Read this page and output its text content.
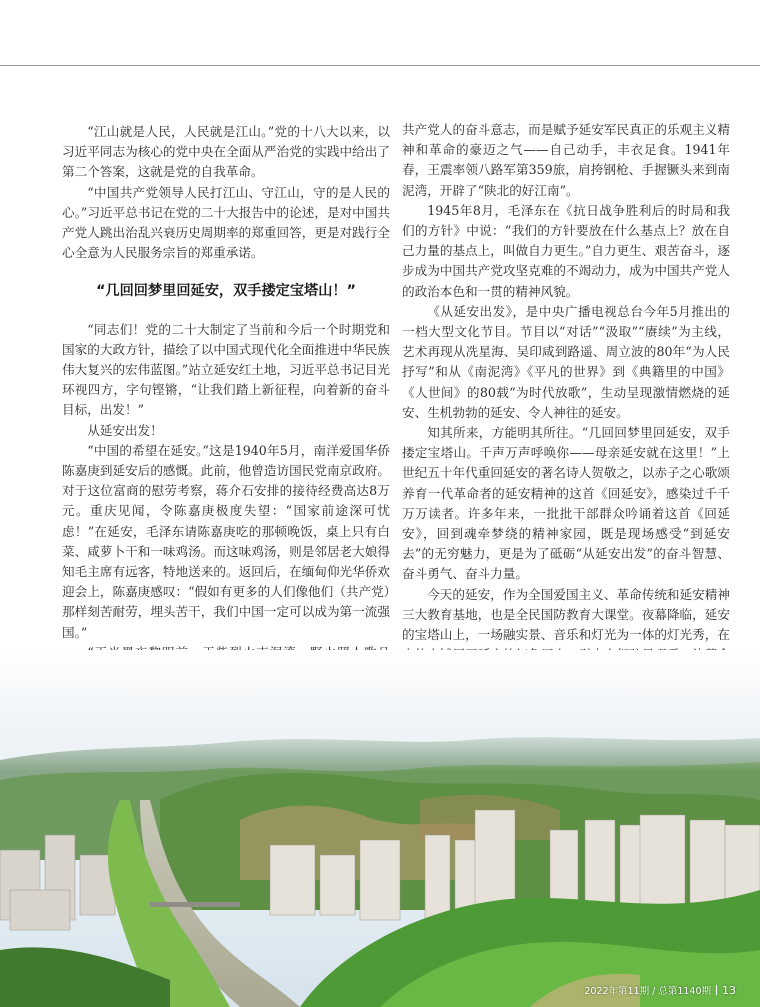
“江山就是人民，人民就是江山。”党的十八大以来，以习近平同志为核心的党中央在全面从严治党的实践中给出了第二个答案，这就是党的自我革命。

“中国共产党领导人民打江山、守江山，守的是人民的心。”习近平总书记在党的二十大报告中的论述，是对中国共产党人跳出治乱兴衰历史周期率的郑重回答，更是对践行全心全意为人民服务宗旨的郑重承诺。

“几回回梦里回延安，双手搂定宝塔山！”

“同志们！党的二十大制定了当前和今后一个时期党和国家的大政方针，描绘了以中国式现代化全面推进中华民族伟大复兴的宏伟蓝图。”站立延安红土地，习近平总书记目光环视四方，字句铿锵，“让我们踏上新征程，向着新的奋斗目标，出发！”

从延安出发！

“中国的希望在延安。”这是1940年5月，南洋爱国华侨陈嘉庚到延安后的感慨。此前，他曾造访国民党南京政府。对于这位富商的慰劳考察，蒋介石安排的接待经费高达8万元。重庆见闻，令陈嘉庚极度失望：“国家前途深可忧虑！”在延安，毛泽东请陈嘉庚吃的那顿晚饭，桌上只有白菜、咸萝卜干和一味鸡汤。而这味鸡汤，则是邻居老大娘得知毛主席有远客，特地送来的。返回后，在缅甸仰光华侨欢迎会上，陈嘉庚感叹：“假如有更多的人们像他们（共产党）那样刻苦耐劳，埋头苦干，我们中国一定可以成为第一流强国。”

共产党人的奋斗意志，而是赋予延安军民真正的乐观主义精神和革命的豪迈之气——自己动手，丰衣足食。1941年春，王震率领八路军第359旅，肩挎钢枪、手握镢头来到南泥湾，开辟了“陕北的好江南”。

1945年8月，毛泽东在《抗日战争胜利后的时局和我们的方针》中说：“我们的方针要放在什么基点上？放在自己力量的基点上，叫做自力更生。”自力更生、艰苦奋斗，逐步成为中国共产党攻坚克难的不竭动力，成为中国共产党人的政治本色和一贯的精神风貌。

《从延安出发》，是中央广播电视总台今年5月推出的一档大型文化节目。节目以“对话”“汲取”“赓续”为主线，艺术再现从冼星海、吴印咸到路遥、周立波的80年“为人民抒写”和从《南泥湾》《平凡的世界》到《典籍里的中国》《人世间》的80载“为时代放歌”，生动呈现激情燃烧的延安、生机勃勃的延安、令人神往的延安。

知其所来，方能明其所往。“几回回梦里回延安，双手搂定宝塔山。千声万声呼唤你——母亲延安就在这里！”上世纪五十年代重回延安的著名诗人贺敬之，以赤子之心歌颂养育一代革命者的延安精神的这首《回延安》，感染过千千万万读者。许多年来，一批批干部群众吟诵着这首《回延安》，回到魂牵梦绕的精神家园，既是现场感受“到延安去”的无穷魅力，更是为了砥砺“从延安出发”的奋斗智慧、奋斗勇气、奋斗力量。

今天的延安，作为全国爱国主义、革命传统和延安精神三大教育基地，也是全民国防教育大课堂。夜幕降临，延安的宝塔山上，一场融实景、音乐和灯光为一体的灯光秀，在

2022年第11期 / 总第1140期 13
